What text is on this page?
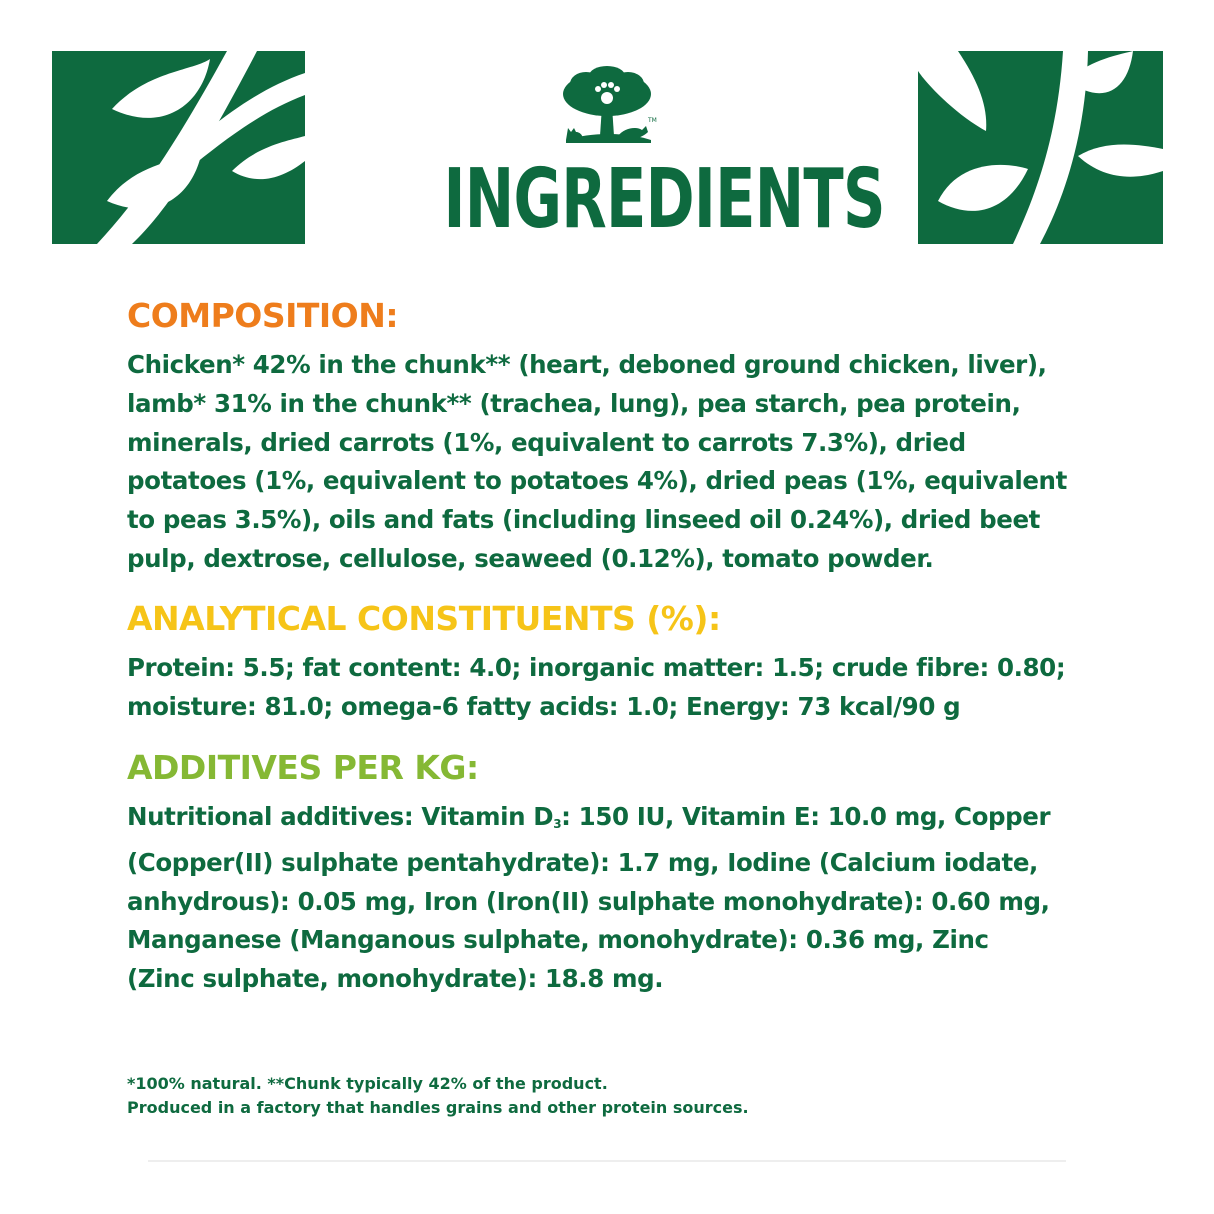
TM
INGREDIENTS
COMPOSITION:
Chicken* 42% in the chunk** (heart, deboned ground chicken, liver),
lamb* 31% in the chunk** (trachea, lung), pea starch, pea protein,
minerals, dried carrots (1%, equivalent to carrots 7.3%), dried
potatoes (1%, equivalent to potatoes 4%), dried peas (1%, equivalent
to peas 3.5%), oils and fats (including linseed oil 0.24%), dried beet
pulp, dextrose, cellulose, seaweed (0.12%), tomato powder.
ANALYTICAL CONSTITUENTS (%):
Protein: 5.5; fat content: 4.0; inorganic matter: 1.5; crude fibre: 0.80;
moisture: 81.0; omega-6 fatty acids: 1.0; Energy: 73 kcal/90 g
ADDITIVES PER KG:
Nutritional additives: Vitamin $D_3$: 150 IU, Vitamin E: 10.0 mg, Copper
(Copper(II) sulphate pentahydrate): 1.7 mg, Iodine (Calcium iodate,
anhydrous): 0.05 mg, Iron (Iron(II) sulphate monohydrate): 0.60 mg,
Manganese (Manganous sulphate, monohydrate): 0.36 mg, Zinc
(Zinc sulphate, monohydrate): 18.8 mg.
*100% natural. **Chunk typically 42% of the product.
Produced in a factory that handles grains and other protein sources.
